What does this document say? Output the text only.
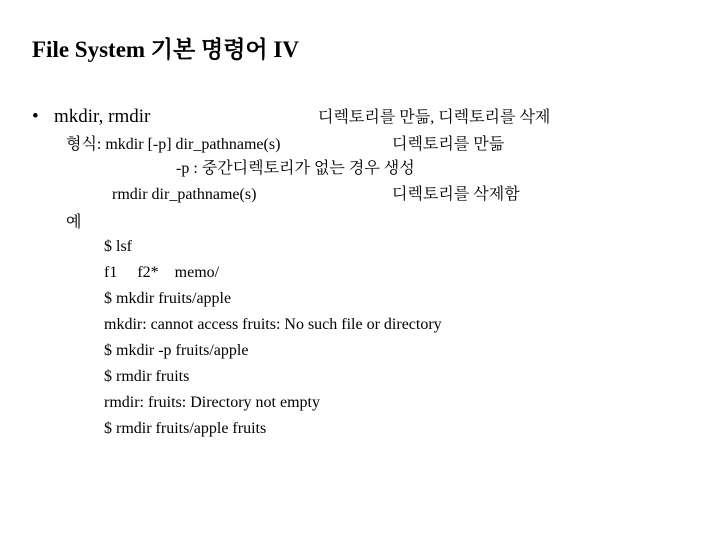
File System 기본 명령어 IV
• mkdir, rmdir	디렉토리를 만듦, 디렉토리를 삭제
형식: mkdir [-p] dir_pathname(s)	디렉토리를 만듦
-p : 중간디렉토리가 없는 경우 생성
rmdir dir_pathname(s)	디렉토리를 삭제함
예
$ lsf
f1     f2*    memo/
$ mkdir fruits/apple
mkdir: cannot access fruits: No such file or directory
$ mkdir -p fruits/apple
$ rmdir fruits
rmdir: fruits: Directory not empty
$ rmdir fruits/apple fruits
